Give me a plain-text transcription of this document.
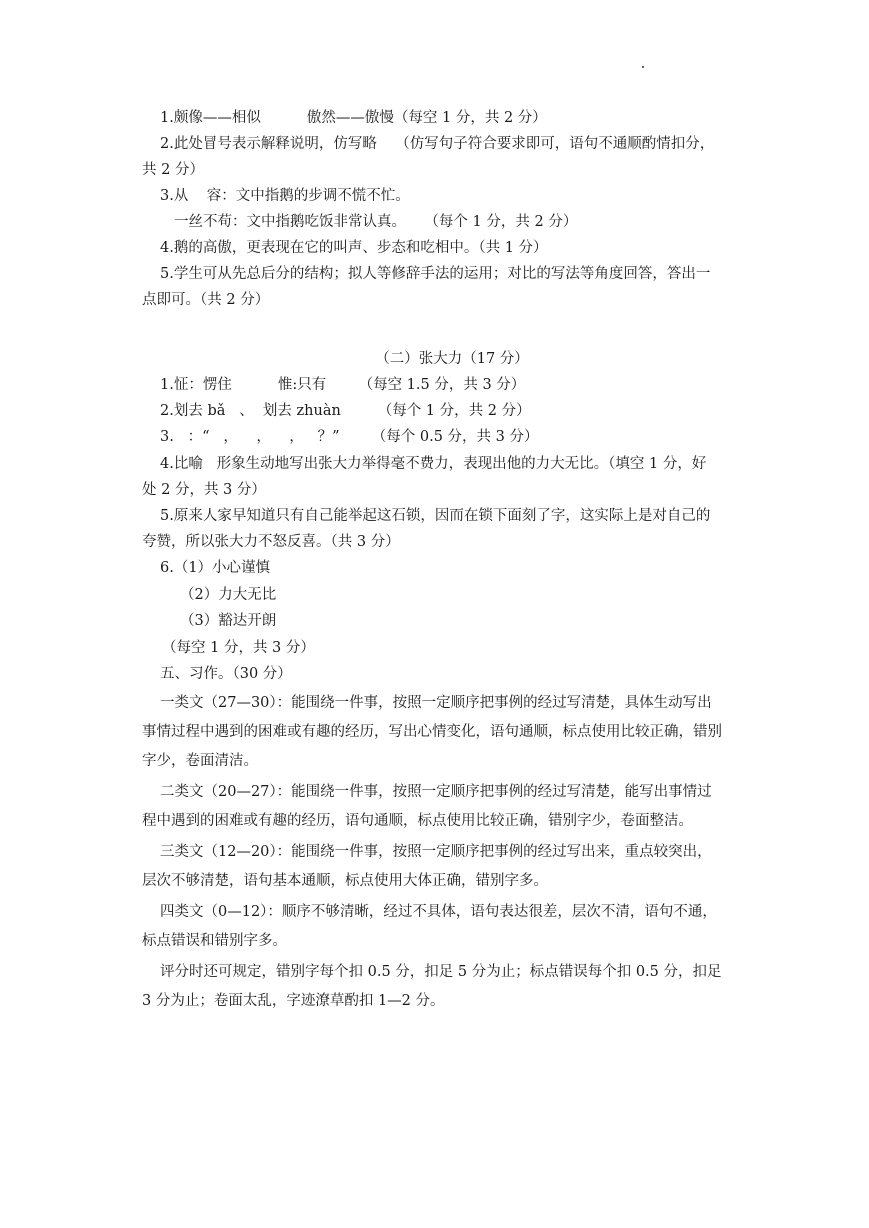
1.颇像——相似          傲然——傲慢（每空 1 分，共 2 分）
2.此处冒号表示解释说明，仿写略    （仿写句子符合要求即可，语句不通顺酌情扣分，
共 2 分）
3.从    容：文中指鹅的步调不慌不忙。
一丝不苟：文中指鹅吃饭非常认真。    （每个 1 分，共 2 分）
4.鹅的高傲，更表现在它的叫声、步态和吃相中。（共 1 分）
5.学生可从先总后分的结构；拟人等修辞手法的运用；对比的写法等角度回答，答出一
点即可。（共 2 分）
（二）张大力（17 分）
1.怔：愣住          惟:只有       （每空 1.5 分，共 3 分）
2.划去 bǎ   、  划去 zhuàn        （每个 1 分，共 2 分）
3.   ：“   ，    ，    ，   ？”       （每个 0.5 分，共 3 分）
4.比喻   形象生动地写出张大力举得毫不费力，表现出他的力大无比。（填空 1 分，好
处 2 分，共 3 分）
5.原来人家早知道只有自己能举起这石锁，因而在锁下面刻了字，这实际上是对自己的
夸赞，所以张大力不怒反喜。（共 3 分）
6.（1）小心谨慎
（2）力大无比
（3）豁达开朗
（每空 1 分，共 3 分）
五、习作。（30 分）
一类文（27—30）：能围绕一件事，按照一定顺序把事例的经过写清楚，具体生动写出
事情过程中遇到的困难或有趣的经历，写出心情变化，语句通顺，标点使用比较正确，错别
字少，卷面清洁。
二类文（20—27）：能围绕一件事，按照一定顺序把事例的经过写清楚，能写出事情过
程中遇到的困难或有趣的经历，语句通顺，标点使用比较正确，错别字少，卷面整洁。
三类文（12—20）：能围绕一件事，按照一定顺序把事例的经过写出来，重点较突出，
层次不够清楚，语句基本通顺，标点使用大体正确，错别字多。
四类文（0—12）：顺序不够清晰，经过不具体，语句表达很差，层次不清，语句不通，
标点错误和错别字多。
评分时还可规定，错别字每个扣 0.5 分，扣足 5 分为止；标点错误每个扣 0.5 分，扣足
3 分为止；卷面太乱，字迹潦草酌扣 1—2 分。
